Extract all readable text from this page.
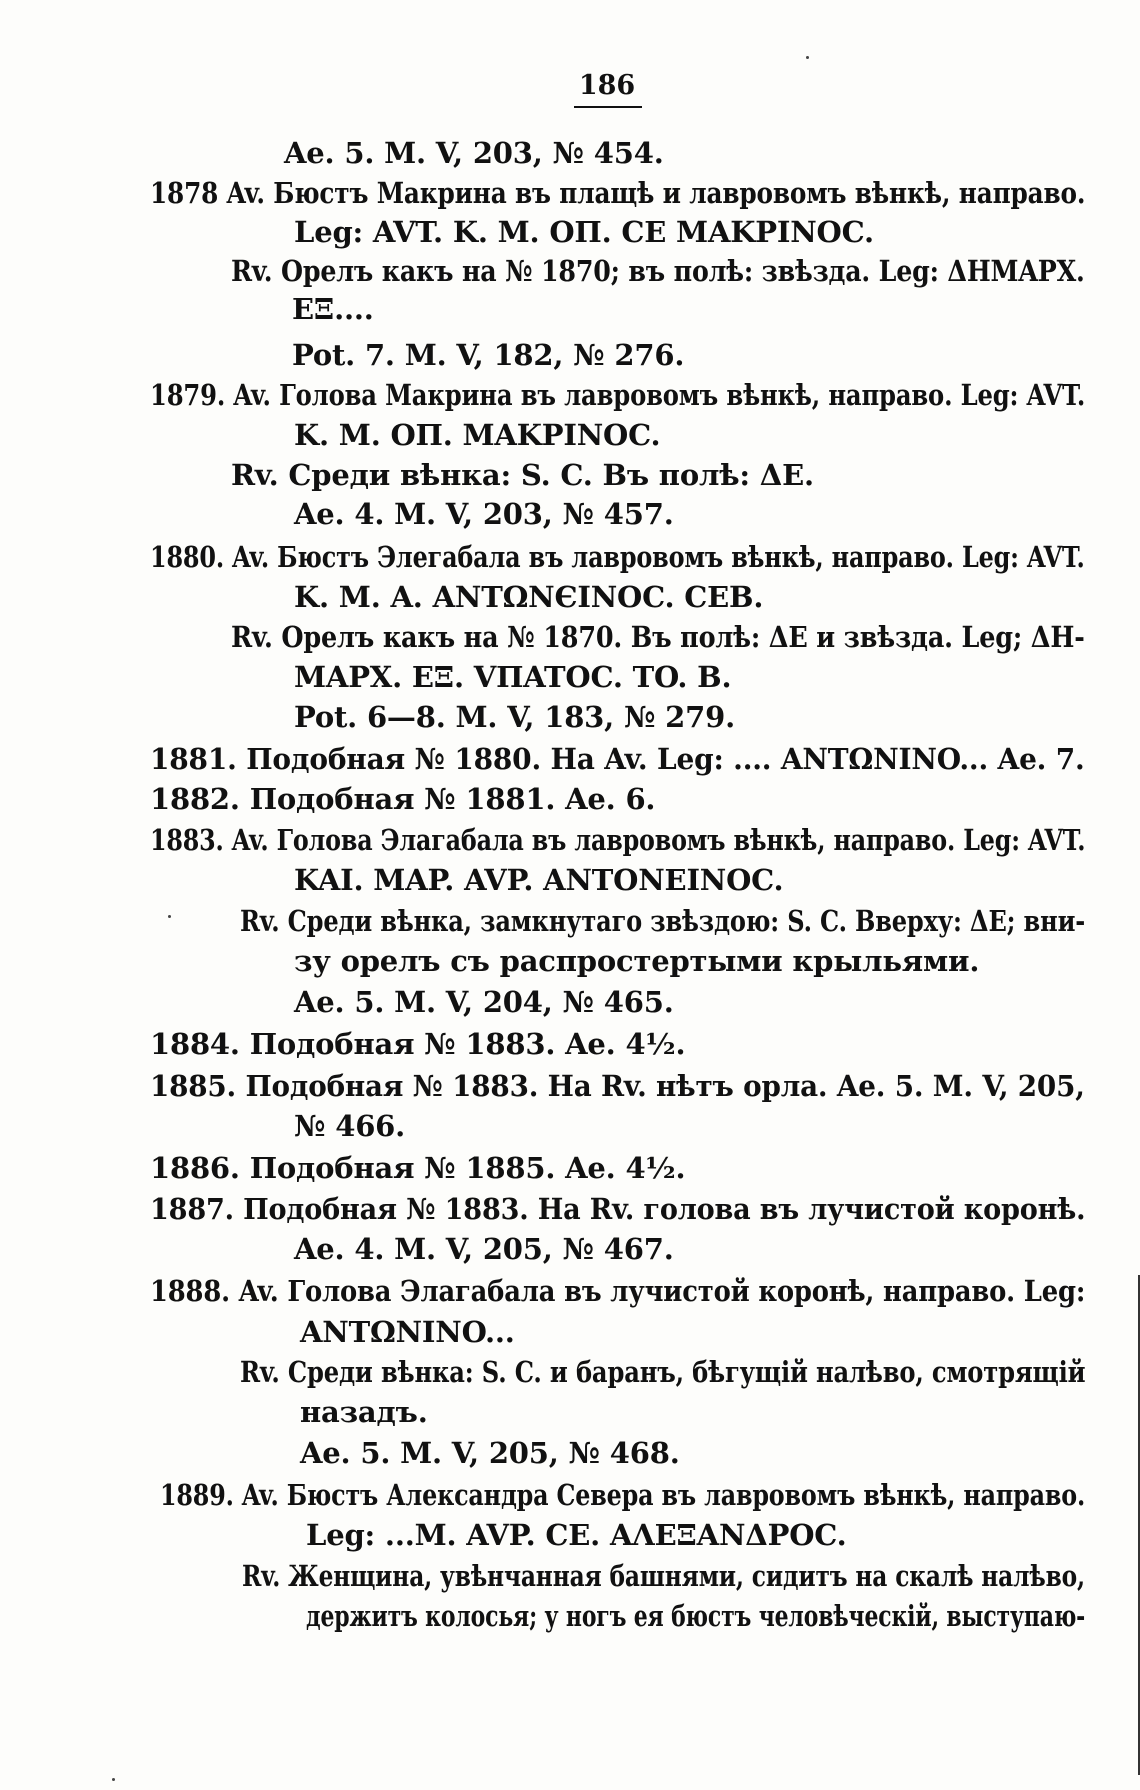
186
Ae. 5. M. V, 203, № 454.
1878 Av. Бюстъ Макрина въ плащѣ и лавровомъ вѣнкѣ, направо.
Leg: AVT. K. M. ОП. CE MAKPINOC.
Rv. Орелъ какъ на № 1870; въ полѣ: звѣзда. Leg: ΔHMAPX.
ΕΞ....
Pot. 7. M. V, 182, № 276.
1879. Av. Голова Макрина въ лавровомъ вѣнкѣ, направо. Leg: AVT.
K. M. ОП. MAKPINOC.
Rv. Среди вѣнка: S. C. Въ полѣ: ΔE.
Ae. 4. M. V, 203, № 457.
1880. Av. Бюстъ Элегабала въ лавровомъ вѣнкѣ, направо. Leg: AVT.
K. M. A. ANTΩNЄINOC. CEB.
Rv. Орелъ какъ на № 1870. Въ полѣ: ΔE и звѣзда. Leg; ΔH-
MAPX. ΕΞ. VПATOC. TO. B.
Pot. 6—8. M. V, 183, № 279.
1881. Подобная № 1880. На Av. Leg: .... ANTΩNINO... Ae. 7.
1882. Подобная № 1881. Ae. 6.
1883. Av. Голова Элагабала въ лавровомъ вѣнкѣ, направо. Leg: AVT.
KAI. MAP. AVP. ANTONEINOC.
Rv. Среди вѣнка, замкнутаго звѣздою: S. C. Вверху: ΔE; вни-
зу орелъ съ распростертыми крыльями.
Ae. 5. M. V, 204, № 465.
1884. Подобная № 1883. Ae. 4½.
1885. Подобная № 1883. На Rv. нѣтъ орла. Ae. 5. M. V, 205,
№ 466.
1886. Подобная № 1885. Ae. 4½.
1887. Подобная № 1883. На Rv. голова въ лучистой коронѣ.
Ae. 4. M. V, 205, № 467.
1888. Av. Голова Элагабала въ лучистой коронѣ, направо. Leg:
ANTΩNINO...
Rv. Среди вѣнка: S. C. и баранъ, бѣгущій налѣво, смотрящій
назадъ.
Ae. 5. M. V, 205, № 468.
1889. Av. Бюстъ Александра Севера въ лавровомъ вѣнкѣ, направо.
Leg: ...M. AVP. CE. AΛEΞANΔPOC.
Rv. Женщина, увѣнчанная башнями, сидитъ на скалѣ налѣво,
держитъ колосья; у ногъ ея бюстъ человѣческій, выступаю-
